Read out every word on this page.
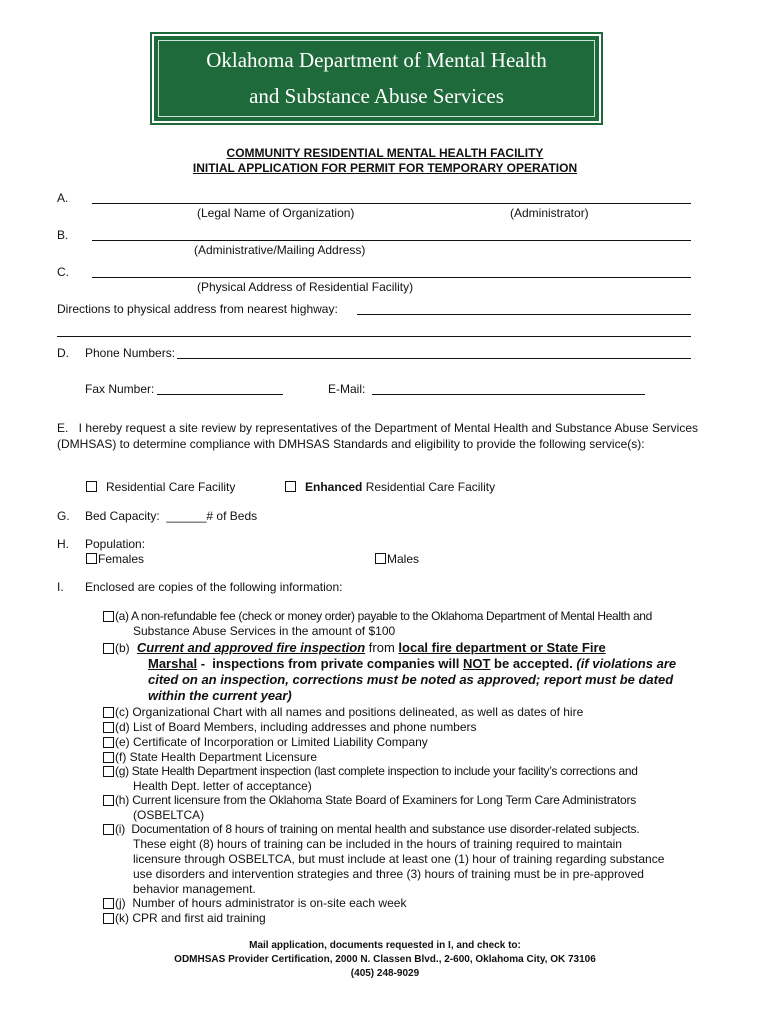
Oklahoma Department of Mental Health
and Substance Abuse Services
COMMUNITY RESIDENTIAL MENTAL HEALTH FACILITY
INITIAL APPLICATION FOR PERMIT FOR TEMPORARY OPERATION
A.
(Legal Name of Organization)	(Administrator)
B.
(Administrative/Mailing Address)
C.
(Physical Address of Residential Facility)
Directions to physical address from nearest highway:
D. Phone Numbers:
Fax Number:	E-Mail:
E. I hereby request a site review by representatives of the Department of Mental Health and Substance Abuse Services (DMHSAS) to determine compliance with DMHSAS Standards and eligibility to provide the following service(s):
Residential Care Facility	Enhanced Residential Care Facility
G. Bed Capacity:  ______# of Beds
H. Population:
Females	Males
I. Enclosed are copies of the following information:
(a) A non-refundable fee (check or money order) payable to the Oklahoma Department of Mental Health and
Substance Abuse Services in the amount of $100
(b) Current and approved fire inspection from local fire department or State Fire
Marshal -  inspections from private companies will NOT be accepted. (if violations are
cited on an inspection, corrections must be noted as approved; report must be dated
within the current year)
(c) Organizational Chart with all names and positions delineated, as well as dates of hire
(d) List of Board Members, including addresses and phone numbers
(e) Certificate of Incorporation or Limited Liability Company
(f) State Health Department Licensure
(g) State Health Department inspection (last complete inspection to include your facility’s corrections and
Health Dept. letter of acceptance)
(h) Current licensure from the Oklahoma State Board of Examiners for Long Term Care Administrators
(OSBELTCA)
(i)  Documentation of 8 hours of training on mental health and substance use disorder-related subjects.
These eight (8) hours of training can be included in the hours of training required to maintain
licensure through OSBELTCA, but must include at least one (1) hour of training regarding substance
use disorders and intervention strategies and three (3) hours of training must be in pre-approved
behavior management.
(j)  Number of hours administrator is on-site each week
(k) CPR and first aid training
Mail application, documents requested in I, and check to:
ODMHSAS Provider Certification, 2000 N. Classen Blvd., 2-600, Oklahoma City, OK 73106
(405) 248-9029
